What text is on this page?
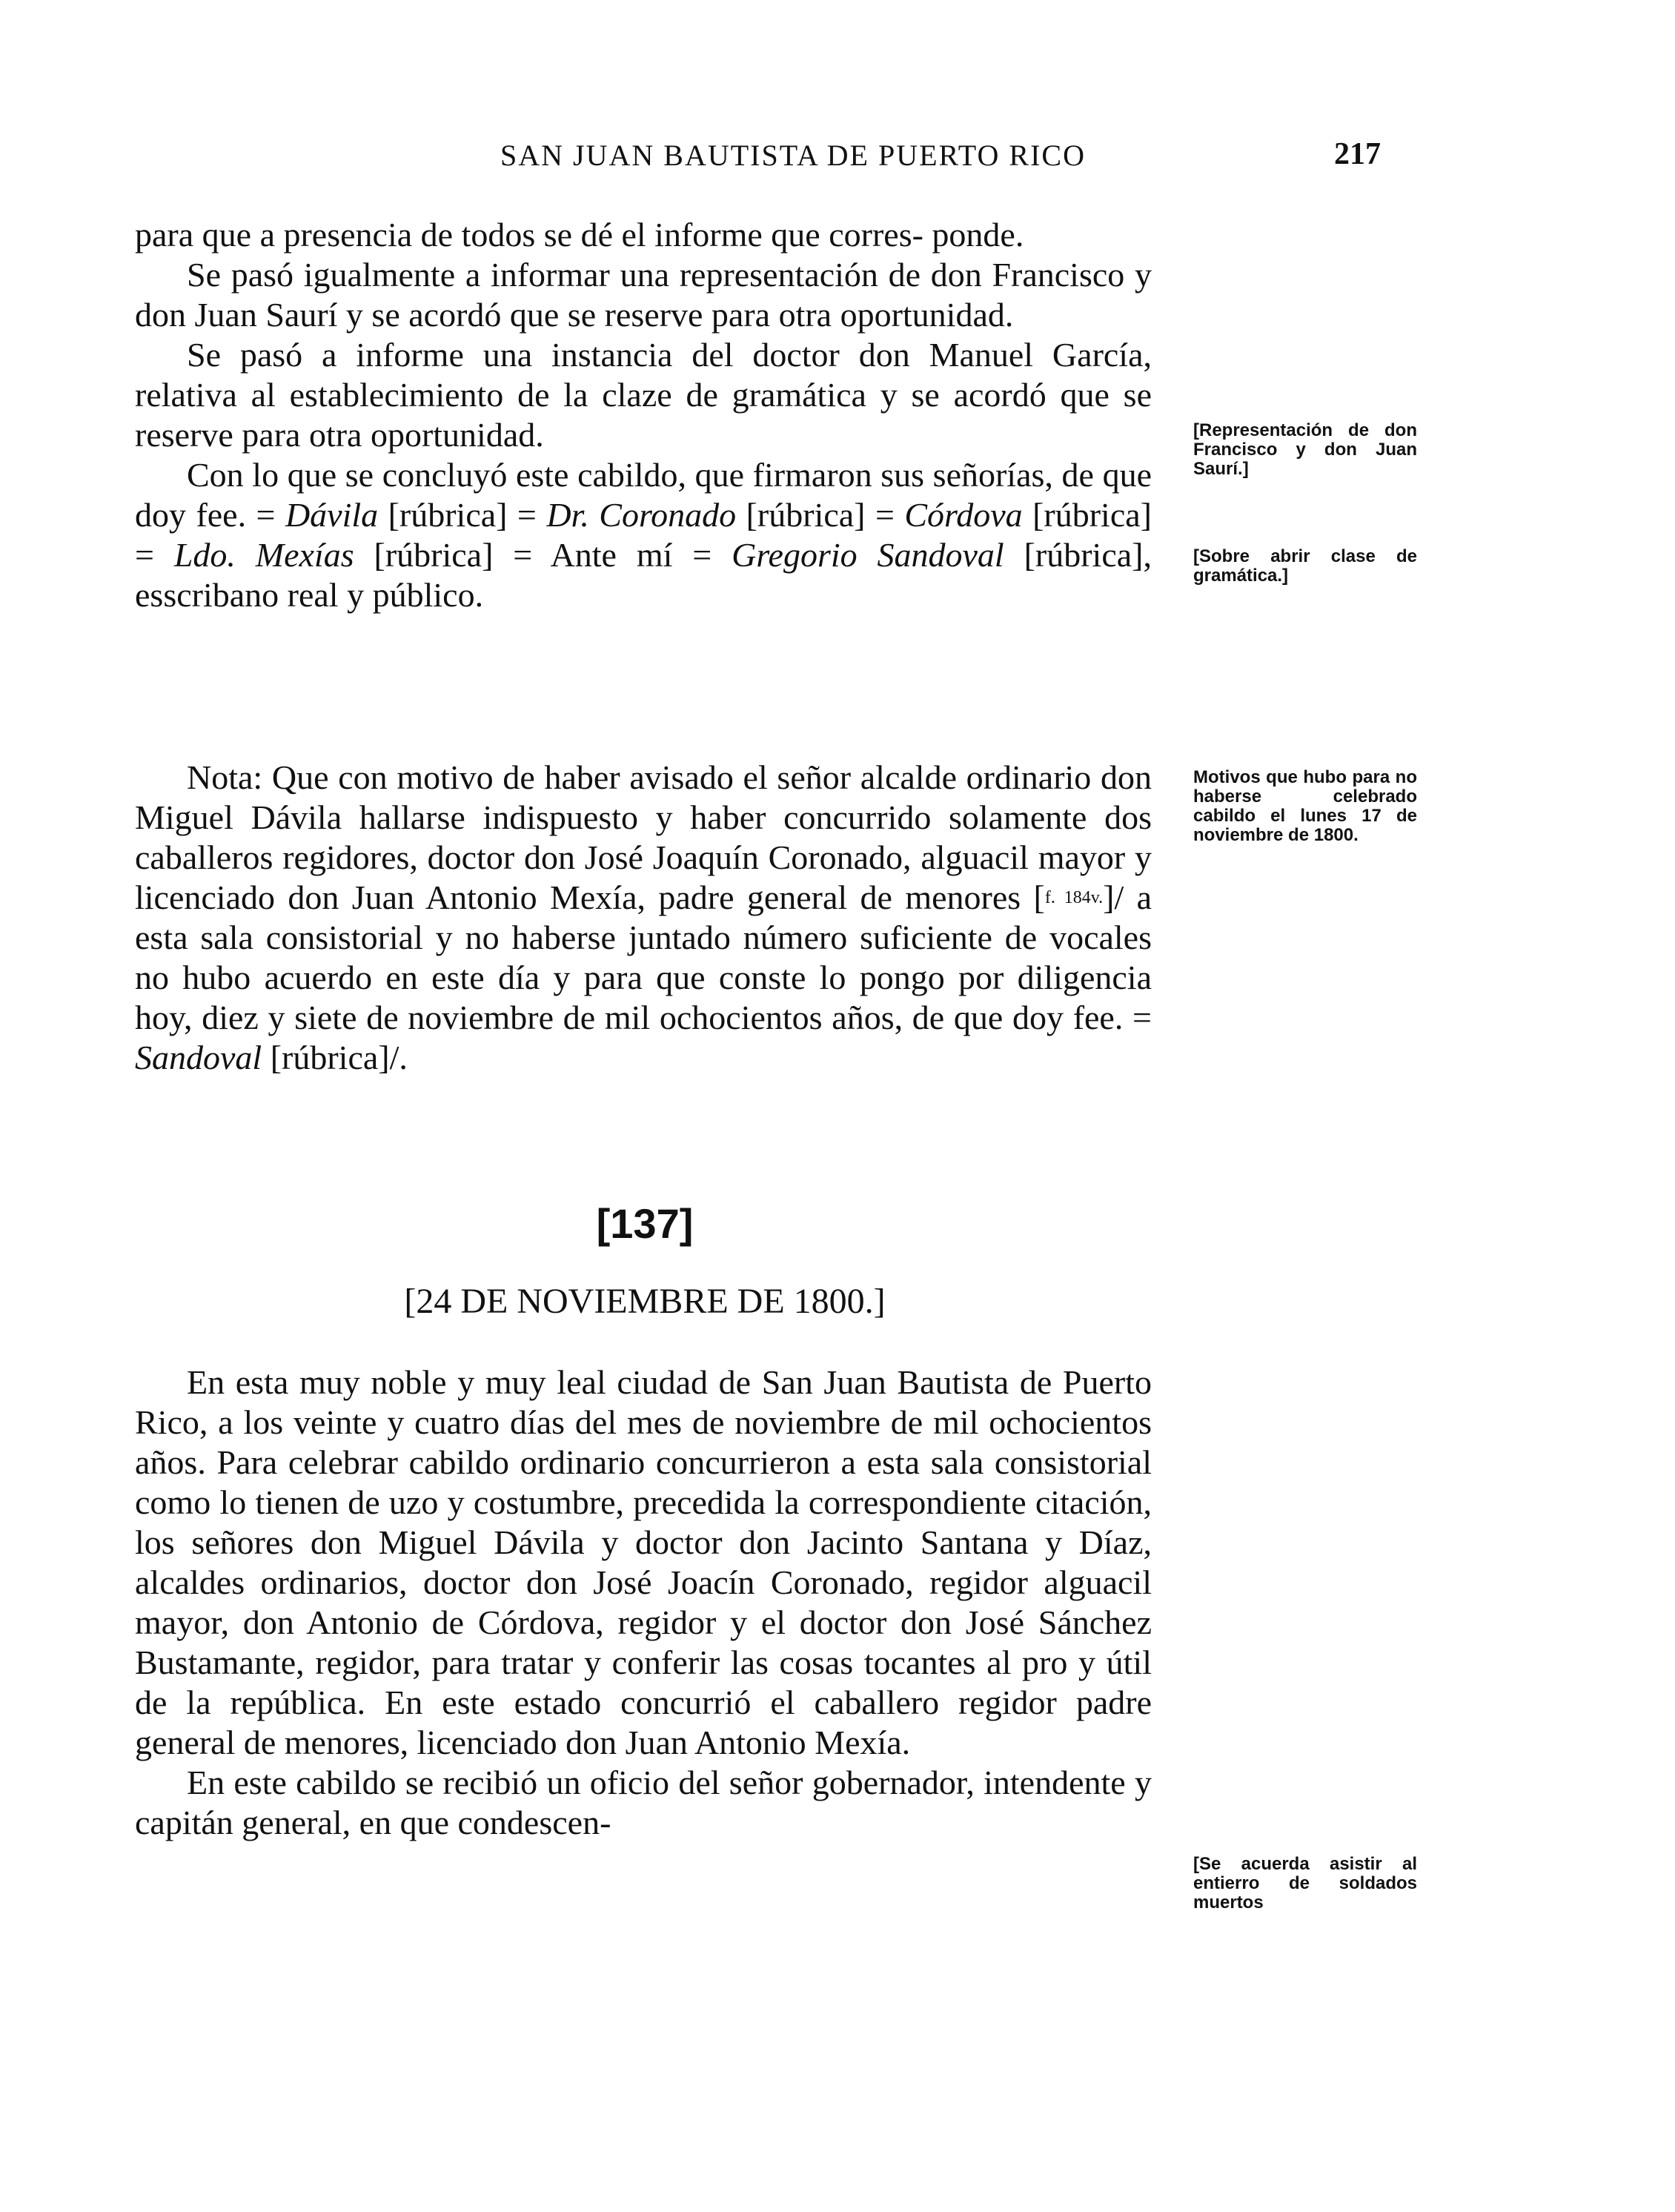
SAN JUAN BAUTISTA DE PUERTO RICO	217

para que a presencia de todos se dé el informe que corres- ponde.

Se pasó igualmente a informar una representación de don Francisco y don Juan Saurí y se acordó que se reserve para otra oportunidad.

Se pasó a informe una instancia del doctor don Manuel García, relativa al establecimiento de la claze de gramática y se acordó que se reserve para otra oportunidad.

Con lo que se concluyó este cabildo, que firmaron sus señorías, de que doy fee. = Dávila [rúbrica] = Dr. Coronado [rúbrica] = Córdova [rúbrica] = Ldo. Mexías [rúbrica] = Ante mí = Gregorio Sandoval [rúbrica], esscribano real y público.

Nota: Que con motivo de haber avisado el señor alcalde ordinario don Miguel Dávila hallarse indispuesto y haber concurrido solamente dos caballeros regidores, doctor don José Joaquín Coronado, alguacil mayor y licenciado don Juan Antonio Mexía, padre general de menores [$^{f. 184v.}$]/ a esta sala consistorial y no haberse juntado número suficiente de vocales no hubo acuerdo en este día y para que conste lo pongo por diligencia hoy, diez y siete de noviembre de mil ochocientos años, de que doy fee. = Sandoval [rúbrica]/.

[137]
[24 DE NOVIEMBRE DE 1800.]

En esta muy noble y muy leal ciudad de San Juan Bautista de Puerto Rico, a los veinte y cuatro días del mes de noviembre de mil ochocientos años. Para celebrar cabildo ordinario concurrieron a esta sala consistorial como lo tienen de uzo y costumbre, precedida la correspondiente citación, los señores don Miguel Dávila y doctor don Jacinto Santana y Díaz, alcaldes ordinarios, doctor don José Joacín Coronado, regidor alguacil mayor, don Antonio de Córdova, regidor y el doctor don José Sánchez Bustamante, regidor, para tratar y conferir las cosas tocantes al pro y útil de la república. En este estado concurrió el caballero regidor padre general de menores, licenciado don Juan Antonio Mexía.

En este cabildo se recibió un oficio del señor gobernador, intendente y capitán general, en que condescen-

[Representación de don Francisco y don Juan Saurí.]

[Sobre abrir clase de gramática.]

Motivos que hubo para no haberse celebrado cabildo el lunes 17 de noviembre de 1800.

[Se acuerda asistir al entierro de soldados muertos
